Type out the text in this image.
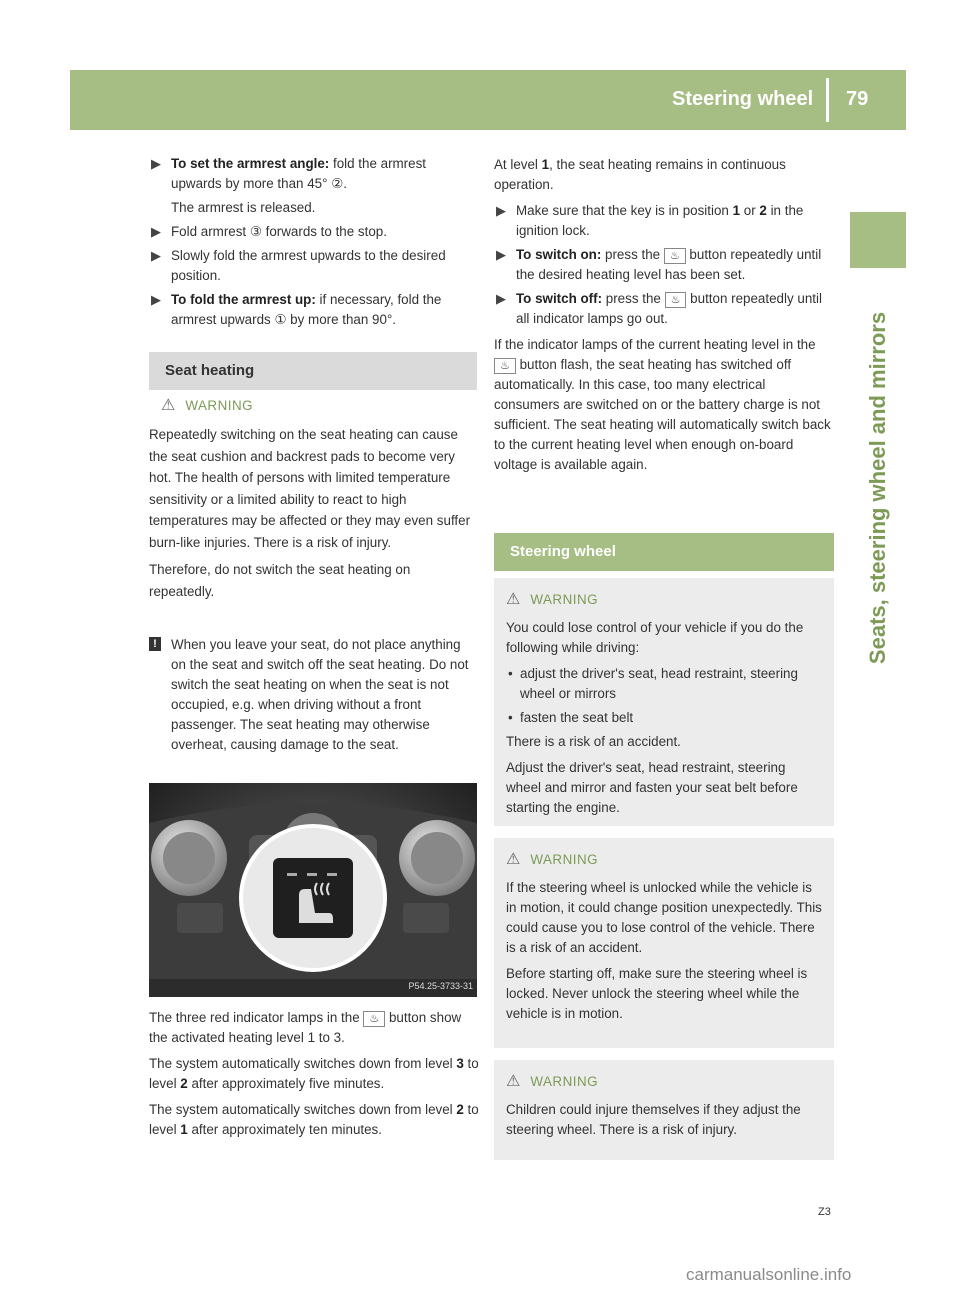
Steering wheel 79
Seats, steering wheel and mirrors
▶ To set the armrest angle: fold the armrest upwards by more than 45° ②.
The armrest is released.
▶ Fold armrest ③ forwards to the stop.
▶ Slowly fold the armrest upwards to the desired position.
▶ To fold the armrest up: if necessary, fold the armrest upwards ① by more than 90°.
Seat heating
⚠ WARNING

Repeatedly switching on the seat heating can cause the seat cushion and backrest pads to become very hot. The health of persons with limited temperature sensitivity or a limited ability to react to high temperatures may be affected or they may even suffer burn-like injuries. There is a risk of injury.

Therefore, do not switch the seat heating on repeatedly.

!	When you leave your seat, do not place anything on the seat and switch off the seat heating. Do not switch the seat heating on when the seat is not occupied, e.g. when driving without a front passenger. The seat heating may otherwise overheat, causing damage to the seat.
P54.25-3733-31

The three red indicator lamps in the ♨ button show the activated heating level 1 to 3.

The system automatically switches down from level 3 to level 2 after approximately five minutes.

The system automatically switches down from level 2 to level 1 after approximately ten minutes.

At level 1, the seat heating remains in continuous operation.

▶ Make sure that the key is in position 1 or 2 in the ignition lock.
▶ To switch on: press the ♨ button repeatedly until the desired heating level has been set.
▶ To switch off: press the ♨ button repeatedly until all indicator lamps go out.

If the indicator lamps of the current heating level in the ♨ button flash, the seat heating has switched off automatically. In this case, too many electrical consumers are switched on or the battery charge is not sufficient. The seat heating will automatically switch back to the current heating level when enough on-board voltage is available again.

Steering wheel
⚠ WARNING

You could lose control of your vehicle if you do the following while driving:

• adjust the driver's seat, head restraint, steering wheel or mirrors
• fasten the seat belt

There is a risk of an accident.

Adjust the driver's seat, head restraint, steering wheel and mirror and fasten your seat belt before starting the engine.

⚠ WARNING

If the steering wheel is unlocked while the vehicle is in motion, it could change position unexpectedly. This could cause you to lose control of the vehicle. There is a risk of an accident.

Before starting off, make sure the steering wheel is locked. Never unlock the steering wheel while the vehicle is in motion.

⚠ WARNING

Children could injure themselves if they adjust the steering wheel. There is a risk of injury.

Z3
carmanualsonline.info
